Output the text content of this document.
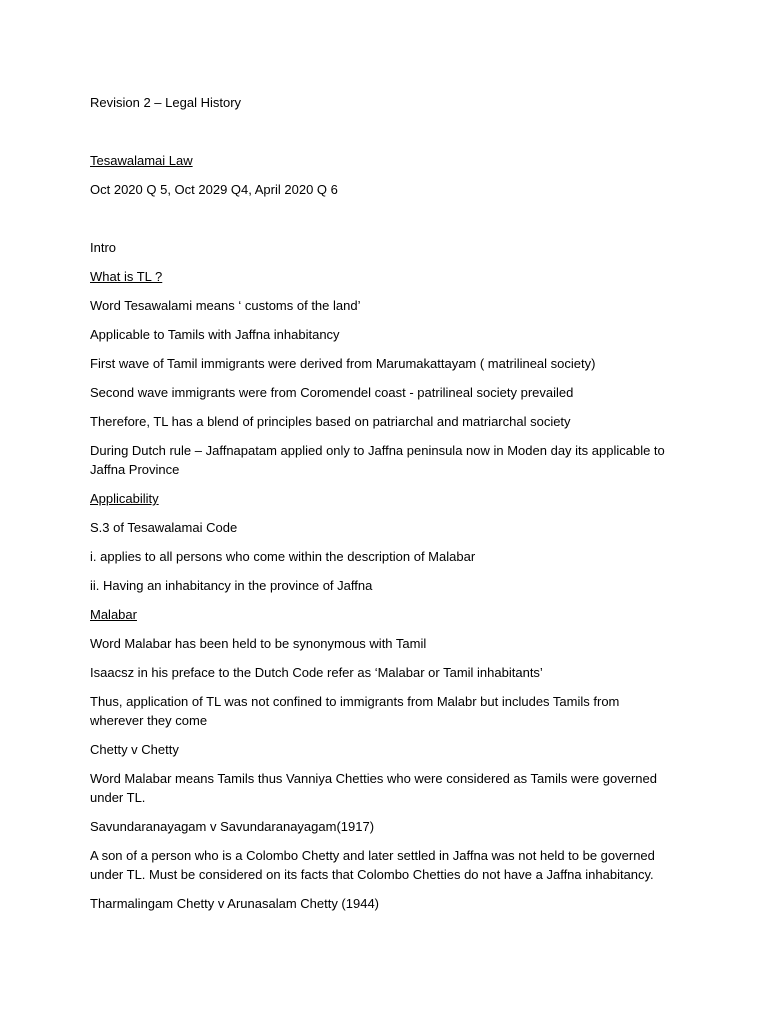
Revision 2 – Legal History
Tesawalamai Law
Oct 2020 Q 5, Oct 2029 Q4, April 2020 Q 6
Intro
What is TL ?
Word Tesawalami means ‘ customs of the land’
Applicable to Tamils with Jaffna inhabitancy
First wave of Tamil immigrants were derived from Marumakattayam ( matrilineal society)
Second wave immigrants were from Coromendel coast - patrilineal society prevailed
Therefore, TL has a blend of principles based on patriarchal and matriarchal society
During Dutch rule – Jaffnapatam applied only to Jaffna peninsula now in Moden day its applicable to Jaffna Province
Applicability
S.3 of Tesawalamai Code
i. applies to all persons who come within the description of Malabar
ii. Having an inhabitancy in the province of Jaffna
Malabar
Word Malabar has been held to be synonymous with Tamil
Isaacsz in his preface to the Dutch Code refer as ‘Malabar or Tamil inhabitants’
Thus, application of TL was not confined to immigrants from Malabr but includes Tamils from wherever they come
Chetty v Chetty
Word Malabar means Tamils thus Vanniya Chetties who were considered as Tamils were governed under TL.
Savundaranayagam v Savundaranayagam(1917)
A son of a person who is a Colombo Chetty and later settled in Jaffna was not held to be governed under TL. Must be considered on its facts that Colombo Chetties do not have a Jaffna inhabitancy.
Tharmalingam Chetty v Arunasalam Chetty (1944)
